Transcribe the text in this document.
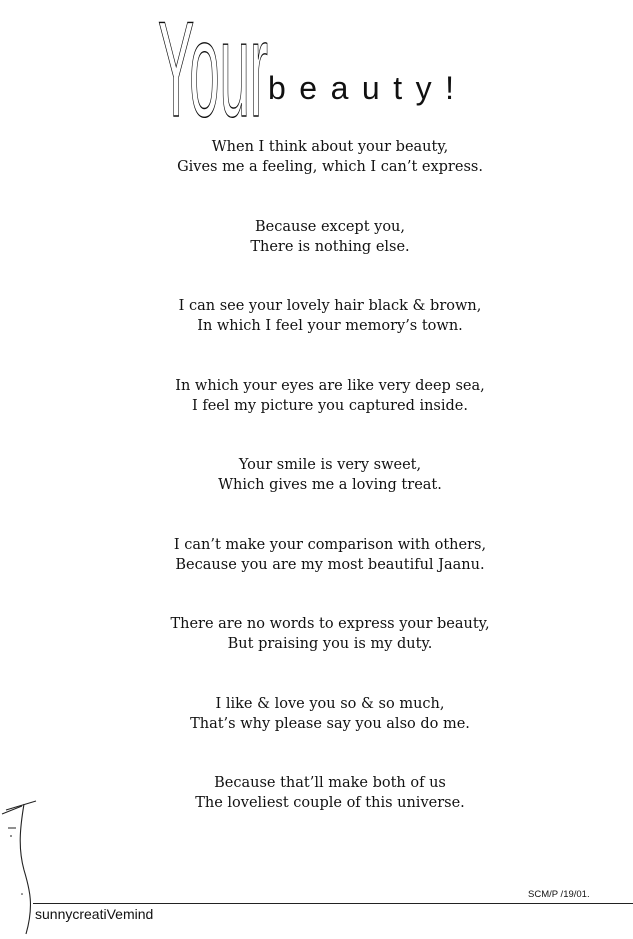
Your beauty!
When I think about your beauty,
Gives me a feeling, which I can’t express.
Because except you,
There is nothing else.
I can see your lovely hair black & brown,
In which I feel your memory’s town.
In which your eyes are like very deep sea,
I feel my picture you captured inside.
Your smile is very sweet,
Which gives me a loving treat.
I can’t make your comparison with others,
Because you are my most beautiful Jaanu.
There are no words to express your beauty,
But praising you is my duty.
I like & love you so & so much,
That’s why please say you also do me.
Because that’ll make both of us
The loveliest couple of this universe.
SCM/P /19/01.
sunnycreatiVemind
